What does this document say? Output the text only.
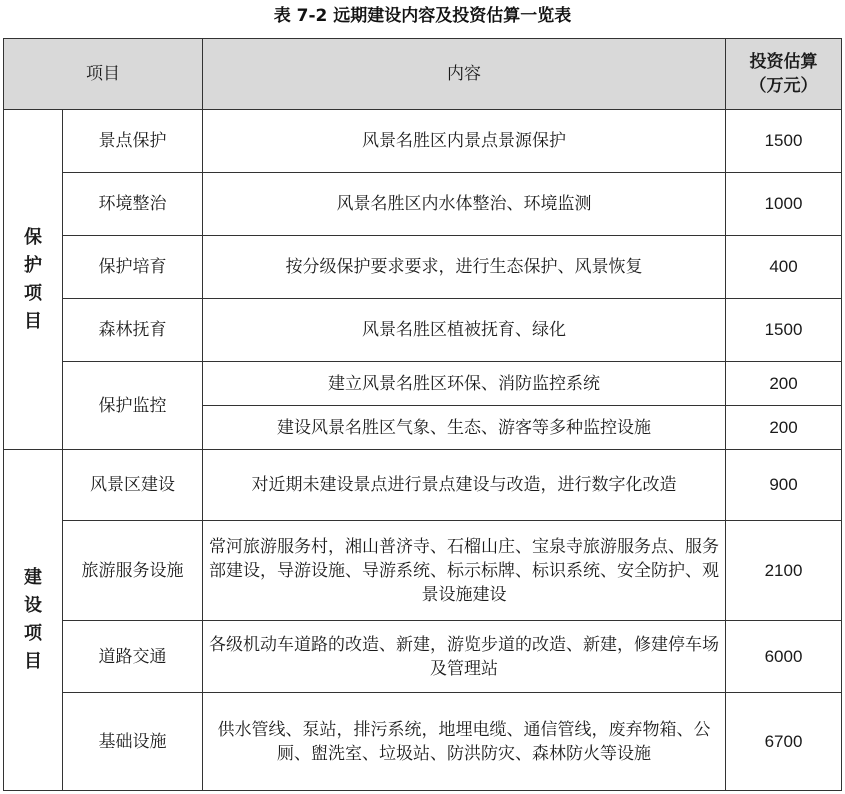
表 7-2 远期建设内容及投资估算一览表
项目		内容	投资估算
（万元）

保护项目	景点保护	风景名胜区内景点景源保护	1500
	环境整治	风景名胜区内水体整治、环境监测	1000
	保护培育	按分级保护要求要求，进行生态保护、风景恢复	400
	森林抚育	风景名胜区植被抚育、绿化	1500
	保护监控	建立风景名胜区环保、消防监控系统	200
		建设风景名胜区气象、生态、游客等多种监控设施	200
建设项目	风景区建设	对近期未建设景点进行景点建设与改造，进行数字化改造	900
	旅游服务设施	常河旅游服务村，湘山普济寺、石榴山庄、宝泉寺旅游服务点、服务部建设，导游设施、导游系统、标示标牌、标识系统、安全防护、观景设施建设	2100
	道路交通	各级机动车道路的改造、新建，游览步道的改造、新建，修建停车场及管理站	6000
	基础设施	供水管线、泵站，排污系统，地埋电缆、通信管线，废弃物箱、公厕、盥洗室、垃圾站、防洪防灾、森林防火等设施	6700
